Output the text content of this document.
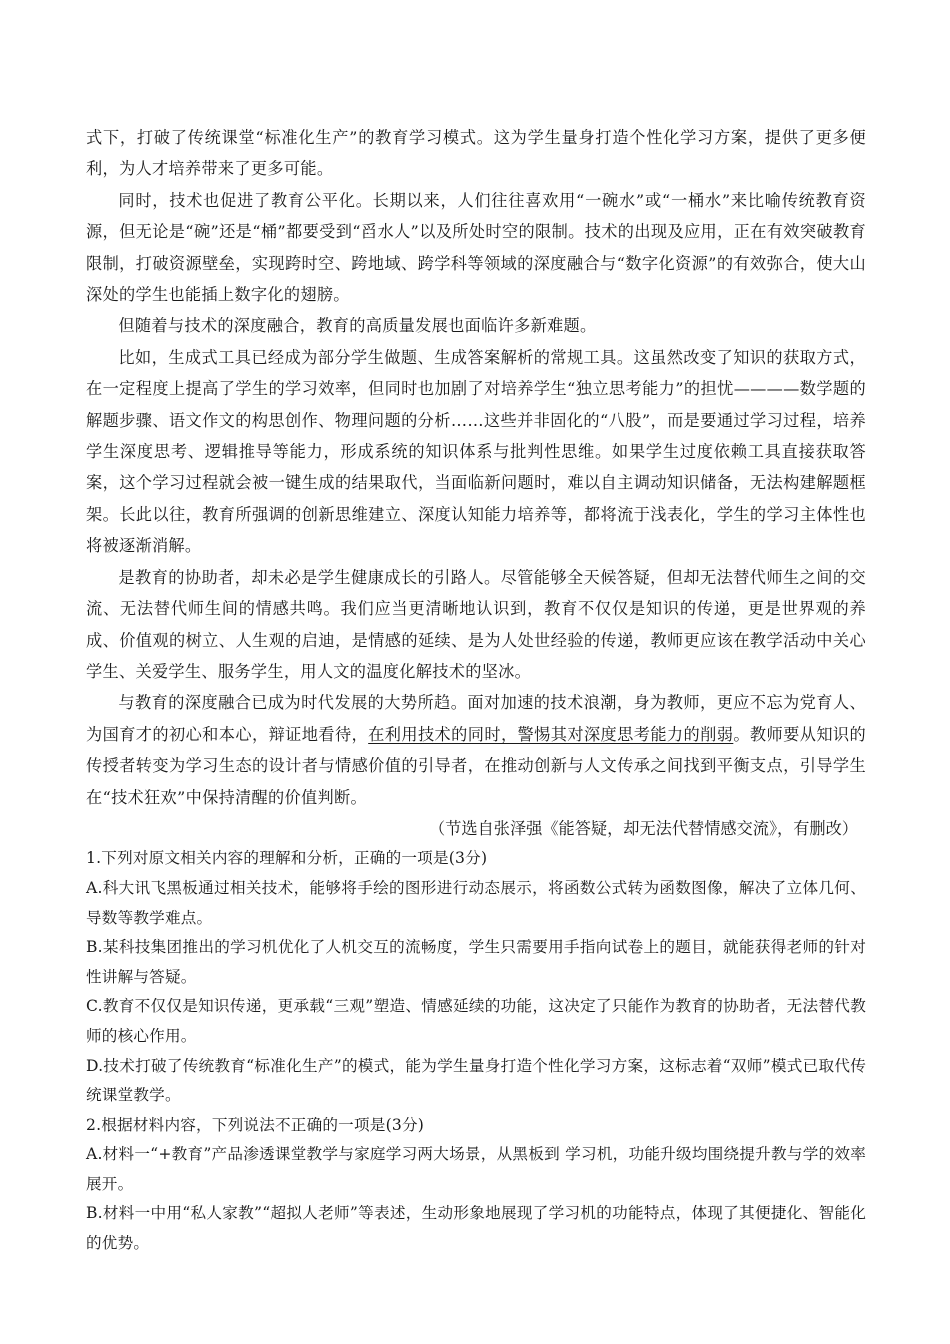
式下，打破了传统课堂“标准化生产”的教育学习模式。这为学生量身打造个性化学习方案，提供了更多便利，为人才培养带来了更多可能。

同时，技术也促进了教育公平化。长期以来，人们往往喜欢用“一碗水”或“一桶水”来比喻传统教育资源，但无论是“碗”还是“桶”都要受到“舀水人”以及所处时空的限制。技术的出现及应用，正在有效突破教育限制，打破资源壁垒，实现跨时空、跨地域、跨学科等领域的深度融合与“数字化资源”的有效弥合，使大山深处的学生也能插上数字化的翅膀。

但随着与技术的深度融合，教育的高质量发展也面临许多新难题。

比如，生成式工具已经成为部分学生做题、生成答案解析的常规工具。这虽然改变了知识的获取方式，在一定程度上提高了学生的学习效率，但同时也加剧了对培养学生“独立思考能力”的担忧————数学题的解题步骤、语文作文的构思创作、物理问题的分析……这些并非固化的“八股”，而是要通过学习过程，培养学生深度思考、逻辑推导等能力，形成系统的知识体系与批判性思维。如果学生过度依赖工具直接获取答案，这个学习过程就会被一键生成的结果取代，当面临新问题时，难以自主调动知识储备，无法构建解题框架。长此以往，教育所强调的创新思维建立、深度认知能力培养等，都将流于浅表化，学生的学习主体性也将被逐渐消解。

是教育的协助者，却未必是学生健康成长的引路人。尽管能够全天候答疑，但却无法替代师生之间的交流、无法替代师生间的情感共鸣。我们应当更清晰地认识到，教育不仅仅是知识的传递，更是世界观的养成、价值观的树立、人生观的启迪，是情感的延续、是为人处世经验的传递，教师更应该在教学活动中关心学生、关爱学生、服务学生，用人文的温度化解技术的坚冰。

与教育的深度融合已成为时代发展的大势所趋。面对加速的技术浪潮，身为教师，更应不忘为党育人、为国育才的初心和本心，辩证地看待，在利用技术的同时，警惕其对深度思考能力的削弱。教师要从知识的传授者转变为学习生态的设计者与情感价值的引导者，在推动创新与人文传承之间找到平衡支点，引导学生在“技术狂欢”中保持清醒的价值判断。

（节选自张泽强《能答疑，却无法代替情感交流》，有删改）

1.下列对原文相关内容的理解和分析，正确的一项是(3分)

A.科大讯飞黑板通过相关技术，能够将手绘的图形进行动态展示，将函数公式转为函数图像，解决了立体几何、导数等教学难点。

B.某科技集团推出的学习机优化了人机交互的流畅度，学生只需要用手指向试卷上的题目，就能获得老师的针对性讲解与答疑。

C.教育不仅仅是知识传递，更承载“三观”塑造、情感延续的功能，这决定了只能作为教育的协助者，无法替代教师的核心作用。

D.技术打破了传统教育“标准化生产”的模式，能为学生量身打造个性化学习方案，这标志着“双师”模式已取代传统课堂教学。

2.根据材料内容，下列说法不正确的一项是(3分)

A.材料一“+教育”产品渗透课堂教学与家庭学习两大场景，从黑板到 学习机，功能升级均围绕提升教与学的效率展开。

B.材料一中用“私人家教”“超拟人老师”等表述，生动形象地展现了学习机的功能特点，体现了其便捷化、智能化的优势。
